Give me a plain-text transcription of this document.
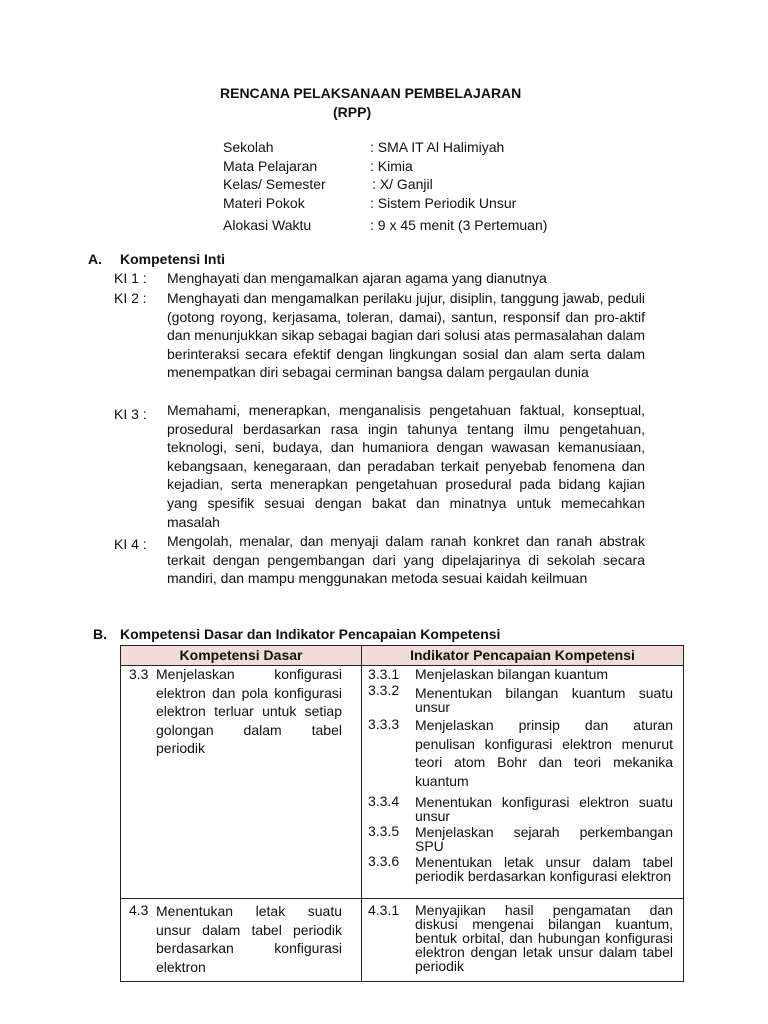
RENCANA PELAKSANAAN PEMBELAJARAN
(RPP)
Sekolah	: SMA IT Al Halimiyah
Mata Pelajaran	: Kimia
Kelas/ Semester	: X/ Ganjil
Materi Pokok	: Sistem Periodik Unsur
Alokasi Waktu	: 9 x 45 menit (3 Pertemuan)
A. Kompetensi Inti
KI 1 : Menghayati dan mengamalkan ajaran agama yang dianutnya
KI 2 : Menghayati dan mengamalkan perilaku jujur, disiplin, tanggung jawab, peduli (gotong royong, kerjasama, toleran, damai), santun, responsif dan pro-aktif dan menunjukkan sikap sebagai bagian dari solusi atas permasalahan dalam berinteraksi secara efektif dengan lingkungan sosial dan alam serta dalam menempatkan diri sebagai cerminan bangsa dalam pergaulan dunia
KI 3 : Memahami, menerapkan, menganalisis pengetahuan faktual, konseptual, prosedural berdasarkan rasa ingin tahunya tentang ilmu pengetahuan, teknologi, seni, budaya, dan humaniora dengan wawasan kemanusiaan, kebangsaan, kenegaraan, dan peradaban terkait penyebab fenomena dan kejadian, serta menerapkan pengetahuan prosedural pada bidang kajian yang spesifik sesuai dengan bakat dan minatnya untuk memecahkan masalah
KI 4 : Mengolah, menalar, dan menyaji dalam ranah konkret dan ranah abstrak terkait dengan pengembangan dari yang dipelajarinya di sekolah secara mandiri, dan mampu menggunakan metoda sesuai kaidah keilmuan
B. Kompetensi Dasar dan Indikator Pencapaian Kompetensi
Kompetensi Dasar	Indikator Pencapaian Kompetensi
3.3 Menjelaskan konfigurasi elektron dan pola konfigurasi elektron terluar untuk setiap golongan dalam tabel periodik
3.3.1 Menjelaskan bilangan kuantum
3.3.2 Menentukan bilangan kuantum suatu unsur
3.3.3 Menjelaskan prinsip dan aturan penulisan konfigurasi elektron menurut teori atom Bohr dan teori mekanika kuantum
3.3.4 Menentukan konfigurasi elektron suatu unsur
3.3.5 Menjelaskan sejarah perkembangan SPU
3.3.6 Menentukan letak unsur dalam tabel periodik berdasarkan konfigurasi elektron
4.3 Menentukan letak suatu unsur dalam tabel periodik berdasarkan konfigurasi elektron
4.3.1 Menyajikan hasil pengamatan dan diskusi mengenai bilangan kuantum, bentuk orbital, dan hubungan konfigurasi elektron dengan letak unsur dalam tabel periodik
